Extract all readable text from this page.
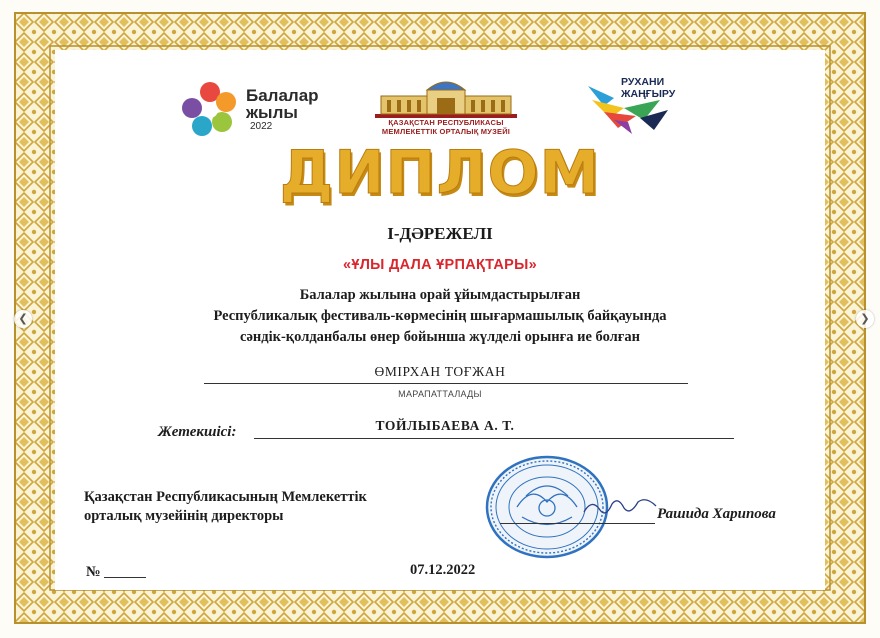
Балалар
жылы
2022	ҚАЗАҚСТАН РЕСПУБЛИКАСЫ
МЕМЛЕКЕТТІК ОРТАЛЫҚ МУЗЕЙІ
РУХАНИ
ЖАҢҒЫРУ
ДИПЛОМ
І-ДӘРЕЖЕЛІ
«ҰЛЫ ДАЛА ҰРПАҚТАРЫ»
Балалар жылына орай ұйымдастырылған
Республикалық фестиваль-көрмесінің шығармашылық байқауында
сәндік-қолданбалы өнер бойынша жүлделі орынға ие болған
ӨМІРХАН ТОҒЖАН
МАРАПАТТАЛАДЫ
Жетекшісі:	ТОЙЛЫБАЕВА А. Т.
Қазақстан Республикасының Мемлекеттік
орталық музейінің директоры	Рашида Харипова
№	07.12.2022
❮	❯
